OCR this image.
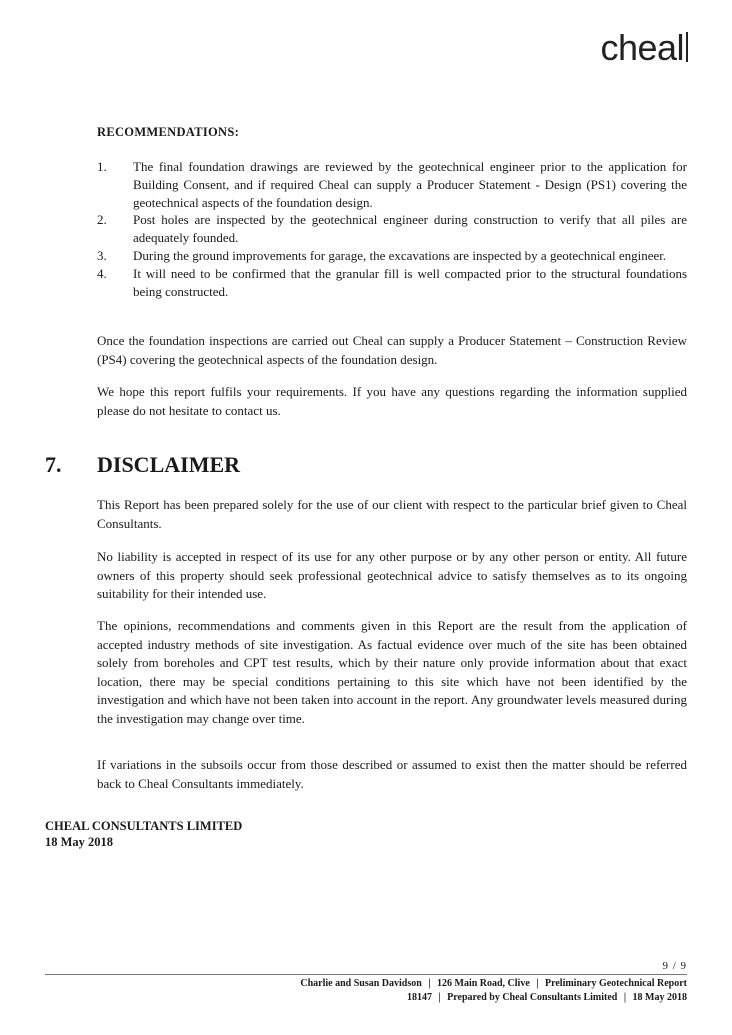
cheal
RECOMMENDATIONS:
1.	The final foundation drawings are reviewed by the geotechnical engineer prior to the application for Building Consent, and if required Cheal can supply a Producer Statement - Design (PS1) covering the geotechnical aspects of the foundation design.
2.	Post holes are inspected by the geotechnical engineer during construction to verify that all piles are adequately founded.
3.	During the ground improvements for garage, the excavations are inspected by a geotechnical engineer.
4.	It will need to be confirmed that the granular fill is well compacted prior to the structural foundations being constructed.

Once the foundation inspections are carried out Cheal can supply a Producer Statement – Construction Review (PS4) covering the geotechnical aspects of the foundation design.

We hope this report fulfils your requirements. If you have any questions regarding the information supplied please do not hesitate to contact us.

7.	DISCLAIMER

This Report has been prepared solely for the use of our client with respect to the particular brief given to Cheal Consultants.

No liability is accepted in respect of its use for any other purpose or by any other person or entity. All future owners of this property should seek professional geotechnical advice to satisfy themselves as to its ongoing suitability for their intended use.

The opinions, recommendations and comments given in this Report are the result from the application of accepted industry methods of site investigation. As factual evidence over much of the site has been obtained solely from boreholes and CPT test results, which by their nature only provide information about that exact location, there may be special conditions pertaining to this site which have not been identified by the investigation and which have not been taken into account in the report. Any groundwater levels measured during the investigation may change over time.

If variations in the subsoils occur from those described or assumed to exist then the matter should be referred back to Cheal Consultants immediately.

CHEAL CONSULTANTS LIMITED
18 May 2018
9 / 9
Charlie and Susan Davidson | 126 Main Road, Clive | Preliminary Geotechnical Report
18147 | Prepared by Cheal Consultants Limited | 18 May 2018
